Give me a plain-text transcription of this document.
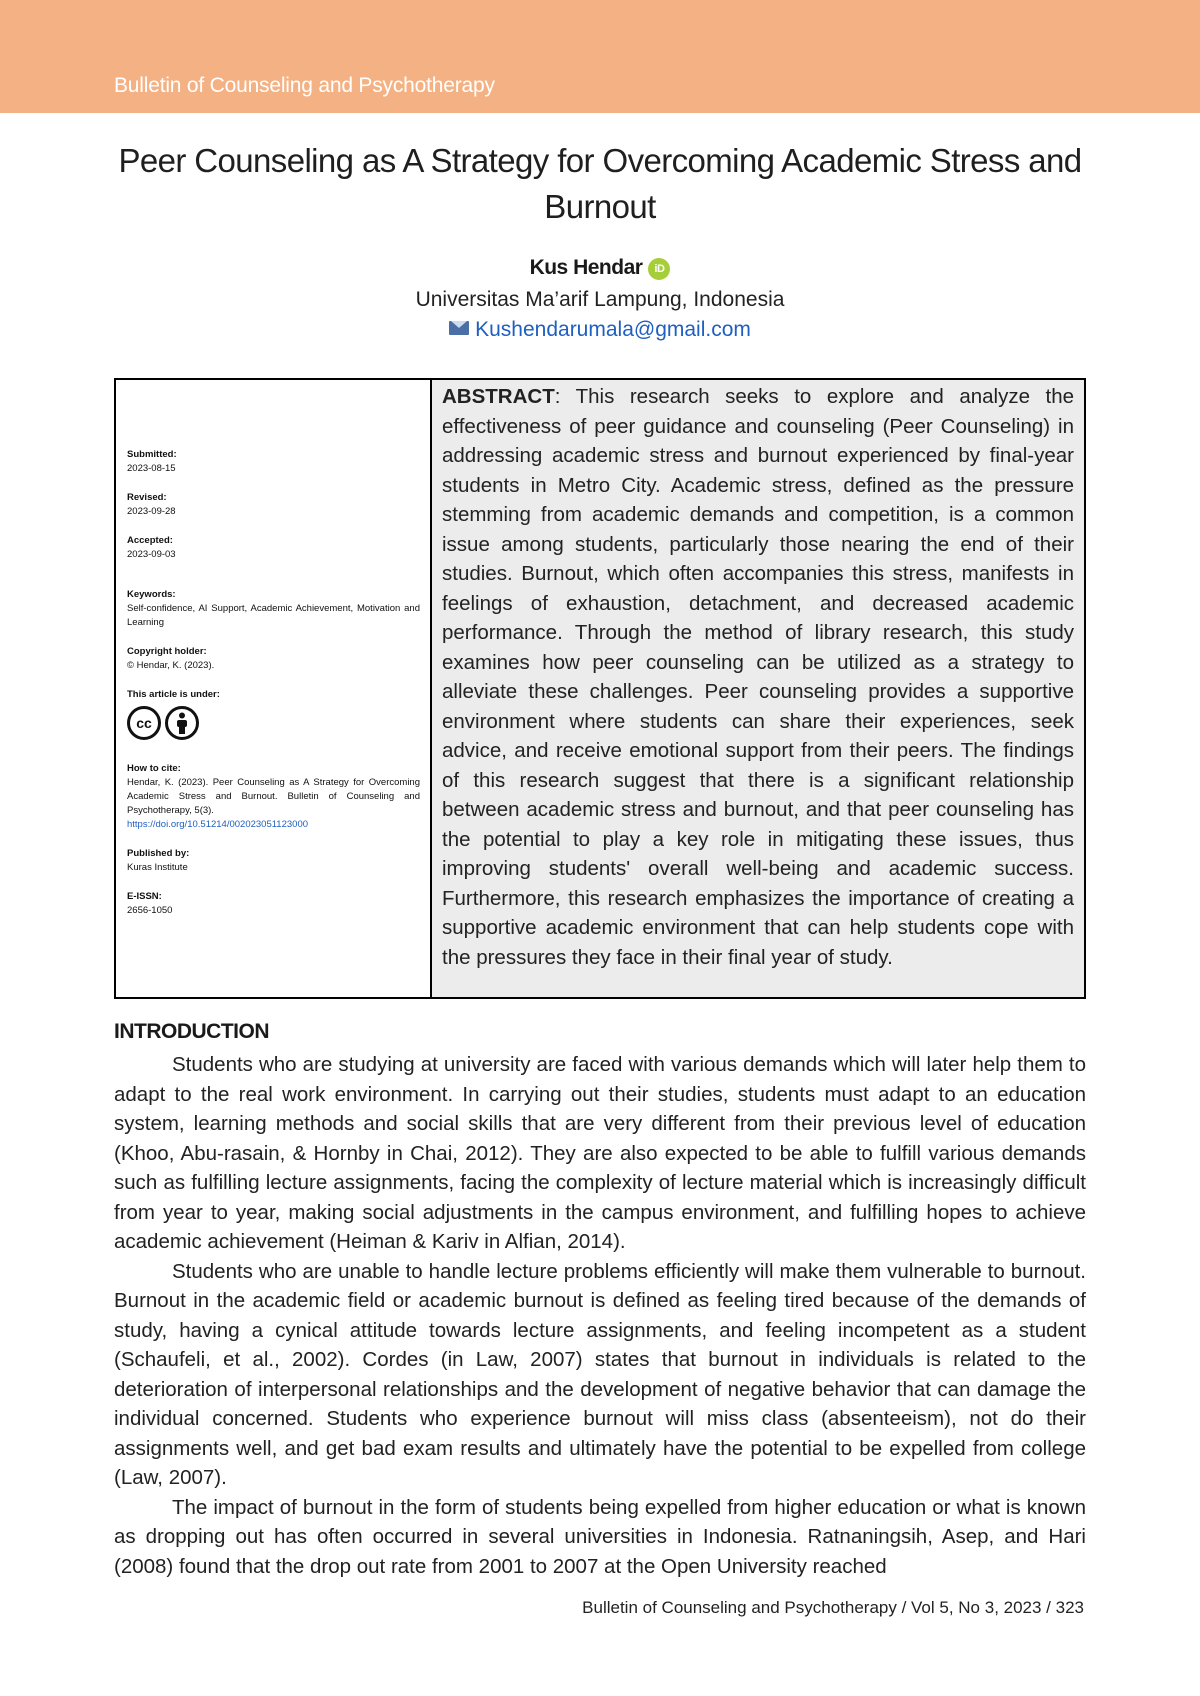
Bulletin of Counseling and Psychotherapy
Peer Counseling as A Strategy for Overcoming Academic Stress and Burnout
Kus Hendar iD
Universitas Ma’arif Lampung, Indonesia
Kushendarumala@gmail.com
Submitted:
2023-08-15
Revised:
2023-09-28
Accepted:
2023-09-03
Keywords:
Self-confidence, AI Support, Academic Achievement, Motivation and Learning
Copyright holder:
© Hendar, K. (2023).
This article is under:
cc
How to cite:
Hendar, K. (2023). Peer Counseling as A Strategy for Overcoming Academic Stress and Burnout. Bulletin of Counseling and Psychotherapy, 5(3).
https://doi.org/10.51214/002023051123000
Published by:
Kuras Institute
E-ISSN:
2656-1050
ABSTRACT: This research seeks to explore and analyze the effectiveness of peer guidance and counseling (Peer Counseling) in addressing academic stress and burnout experienced by final-year students in Metro City. Academic stress, defined as the pressure stemming from academic demands and competition, is a common issue among students, particularly those nearing the end of their studies. Burnout, which often accompanies this stress, manifests in feelings of exhaustion, detachment, and decreased academic performance. Through the method of library research, this study examines how peer counseling can be utilized as a strategy to alleviate these challenges. Peer counseling provides a supportive environment where students can share their experiences, seek advice, and receive emotional support from their peers. The findings of this research suggest that there is a significant relationship between academic stress and burnout, and that peer counseling has the potential to play a key role in mitigating these issues, thus improving students' overall well-being and academic success. Furthermore, this research emphasizes the importance of creating a supportive academic environment that can help students cope with the pressures they face in their final year of study.
INTRODUCTION

Students who are studying at university are faced with various demands which will later help them to adapt to the real work environment. In carrying out their studies, students must adapt to an education system, learning methods and social skills that are very different from their previous level of education (Khoo, Abu-rasain, & Hornby in Chai, 2012). They are also expected to be able to fulfill various demands such as fulfilling lecture assignments, facing the complexity of lecture material which is increasingly difficult from year to year, making social adjustments in the campus environment, and fulfilling hopes to achieve academic achievement (Heiman & Kariv in Alfian, 2014).

Students who are unable to handle lecture problems efficiently will make them vulnerable to burnout. Burnout in the academic field or academic burnout is defined as feeling tired because of the demands of study, having a cynical attitude towards lecture assignments, and feeling incompetent as a student (Schaufeli, et al., 2002). Cordes (in Law, 2007) states that burnout in individuals is related to the deterioration of interpersonal relationships and the development of negative behavior that can damage the individual concerned. Students who experience burnout will miss class (absenteeism), not do their assignments well, and get bad exam results and ultimately have the potential to be expelled from college (Law, 2007).

The impact of burnout in the form of students being expelled from higher education or what is known as dropping out has often occurred in several universities in Indonesia. Ratnaningsih, Asep, and Hari (2008) found that the drop out rate from 2001 to 2007 at the Open University reached

Bulletin of Counseling and Psychotherapy / Vol 5, No 3, 2023 / 323
